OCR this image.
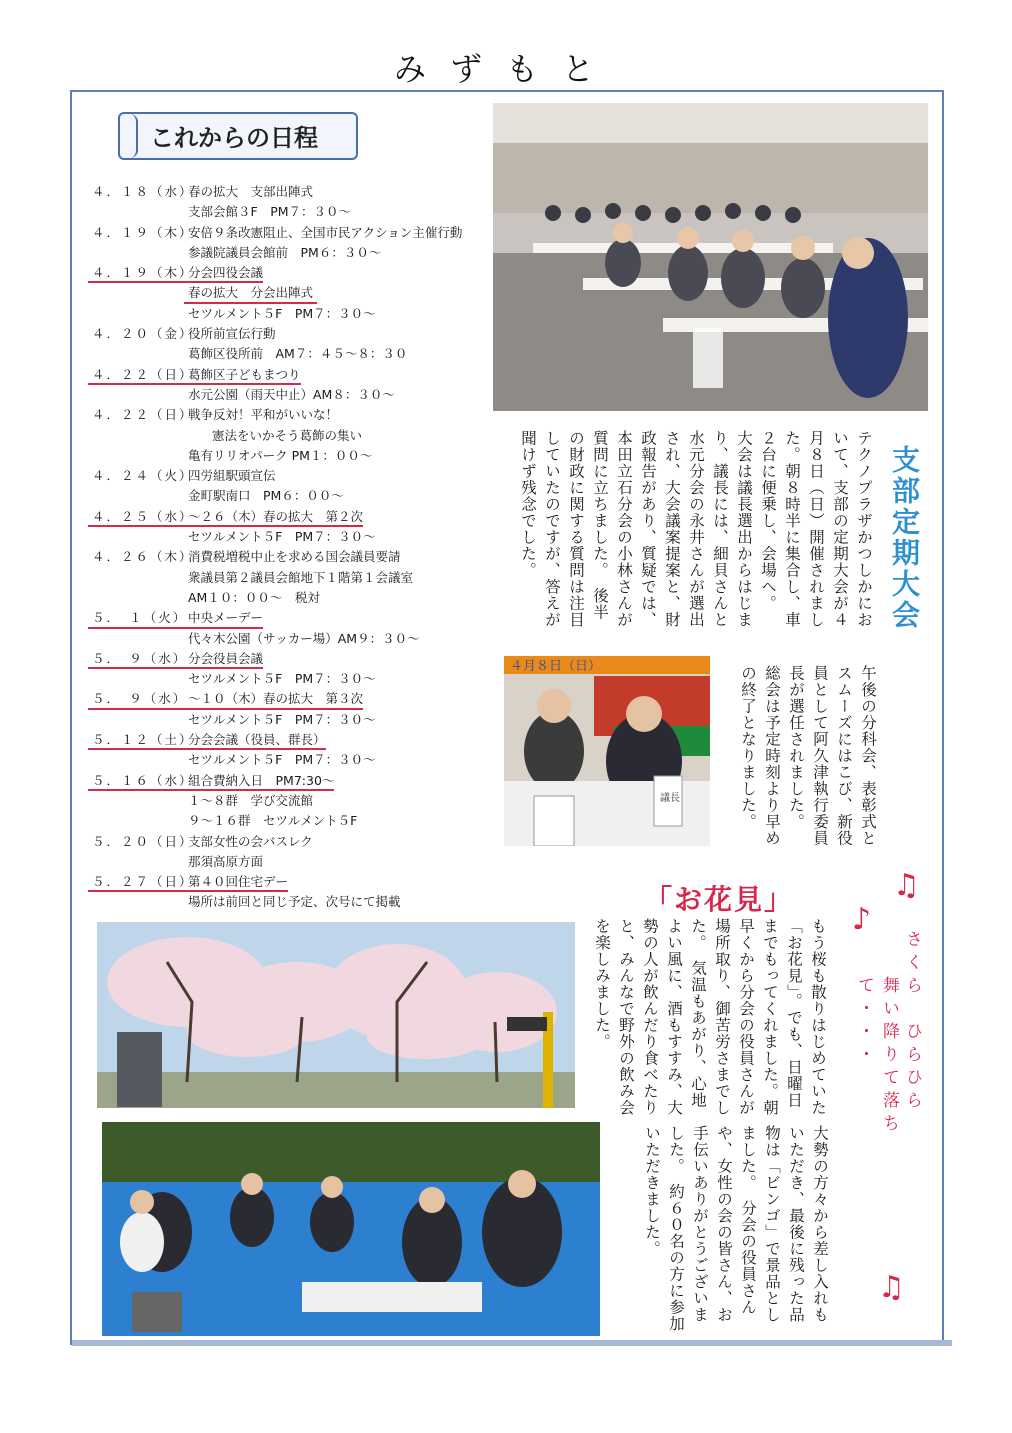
みずもと
これからの日程
４．１８（水）春の拡大　支部出陣式
支部会館３F　PM７：３０～
４．１９（木）安倍９条改憲阻止、全国市民アクション主催行動
参議院議員会館前　PM６：３０～
４．１９（木）分会四役会議
春の拡大　分会出陣式
セツルメント５F　PM７：３０～
４．２０（金）役所前宣伝行動
葛飾区役所前　AM７：４５～８：３０
４．２２（日）葛飾区子どもまつり
水元公園（雨天中止）AM８：３０～
４．２２（日）戦争反対！平和がいいな！
憲法をいかそう葛飾の集い
亀有リリオパーク PM１：００～
４．２４（火）四労組駅頭宣伝
金町駅南口　PM６：００～
４．２５（水）～２６（木）春の拡大　第２次
セツルメント５F　PM７：３０～
４．２６（木）消費税増税中止を求める国会議員要請
衆議員第２議員会館地下１階第１会議室
AM１０：００～　税対
５．　１（火）中央メーデー
代々木公園（サッカー場）AM９：３０～
５．　９（水）分会役員会議
セツルメント５F　PM７：３０～
５．　９（水）～１０（木）春の拡大　第３次
セツルメント５F　PM７：３０～
５．１２（土）分会会議（役員、群長）
セツルメント５F　PM７：３０～
５．１６（水）組合費納入日　PM7:30～
１～８群　学び交流館
９～１６群　セツルメント５F
５．２０（日）支部女性の会バスレク
那須高原方面
５．２７（日）第４０回住宅デー
場所は前回と同じ予定、次号にて掲載
支部定期大会
テクノプラザかつしかにおいて、支部の定期大会が４月８日（日）開催されました。朝８時半に集合し、車２台に便乗し、会場へ。　大会は議長選出からはじまり、議長には、細貝さんと水元分会の永井さんが選出され、大会議案提案と、財政報告があり、質疑では、本田立石分会の小林さんが質問に立ちました。　後半の財政に関する質問は注目していたのですが、答えが聞けず残念でした。
４月８日（日）
議長	午後の分科会、表彰式とスムーズにはこび、新役員として阿久津執行委員長が選任されました。　総会は予定時刻より早めの終了となりました。
「お花見」	♫
♪
♫
さくら　ひらひら
舞い降りて落ちて・・・
もう桜も散りはじめていた「お花見」。でも、日曜日までもってくれました。朝早くから分会の役員さんが場所取り、御苦労さまでした。　気温もあがり、心地よい風に、酒もすすみ、大勢の人が飲んだり食べたりと、みんなで野外の飲み会を楽しみました。
大勢の方々から差し入れもいただき、最後に残った品物は「ビンゴ」で景品としました。　分会の役員さんや、女性の会の皆さん、お手伝いありがとうございました。　約６０名の方に参加いただきました。
